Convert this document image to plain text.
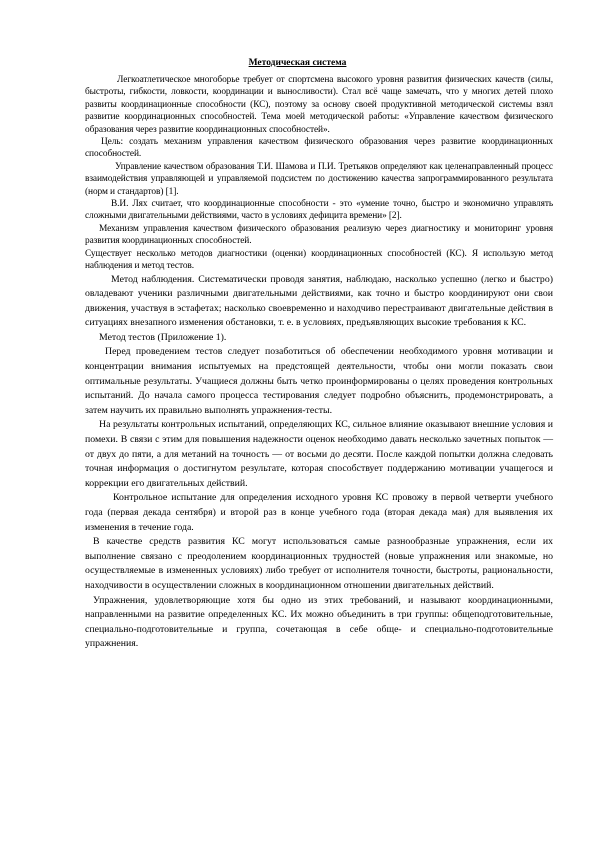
Методическая система

Легкоатлетическое многоборье требует от спортсмена высокого уровня развития физических качеств (силы, быстроты, гибкости, ловкости, координации и выносливости). Стал всё чаще замечать, что у многих детей плохо развиты координационные способности (КС), поэтому за основу своей продуктивной методической системы взял развитие координационных способностей. Тема моей методической работы: «Управление качеством физического образования через развитие координационных способностей».

Цель: создать механизм управления качеством физического образования через развитие координационных способностей.

Управление качеством образования Т.И. Шамова и П.И. Третьяков определяют как целенаправленный процесс взаимодействия управляющей и управляемой подсистем по достижению качества запрограммированного результата (норм и стандартов) [1].

В.И. Лях считает, что координационные способности - это «умение точно, быстро и экономично управлять сложными двигательными действиями, часто в условиях дефицита времени» [2].

Механизм управления качеством физического образования реализую через диагностику и мониторинг уровня развития координационных способностей.

Существует несколько методов диагностики (оценки) координационных способностей (КС). Я использую метод наблюдения и метод тестов.

Метод наблюдения. Систематически проводя занятия, наблюдаю, насколько успешно (легко и быстро) овладевают ученики различными двигательными действиями, как точно и быстро координируют они свои движения, участвуя в эстафетах; насколько своевременно и находчиво перестраивают двигательные действия в ситуациях внезапного изменения обстановки, т. е. в условиях, предъявляющих высокие требования к КС.

Метод тестов (Приложение 1).

Перед проведением тестов следует позаботиться об обеспечении необходимого уровня мотивации и концентрации внимания испытуемых на предстоящей деятельности, чтобы они могли показать свои оптимальные результаты. Учащиеся должны быть четко проинформированы о целях проведения контрольных испытаний. До начала самого процесса тестирования следует подробно объяснить, продемонстрировать, а затем научить их правильно выполнять упражнения-тесты.

На результаты контрольных испытаний, определяющих КС, сильное влияние оказывают внешние условия и помехи. В связи с этим для повышения надежности оценок необходимо давать несколько зачетных попыток — от двух до пяти, а для метаний на точность — от восьми до десяти. После каждой попытки должна следовать точная информация о достигнутом результате, которая способствует поддержанию мотивации учащегося и коррекции его двигательных действий.

Контрольное испытание для определения исходного уровня КС провожу в первой четверти учебного года (первая декада сентября) и второй раз в конце учебного года (вторая декада мая) для выявления их изменения в течение года.

В качестве средств развития КС могут использоваться самые разнообразные упражнения, если их выполнение связано с преодолением координационных трудностей (новые упражнения или знакомые, но осуществляемые в измененных условиях) либо требует от исполнителя точности, быстроты, рациональности, находчивости в осуществлении сложных в координационном отношении двигательных действий.

Упражнения, удовлетворяющие хотя бы одно из этих требований, и называют координационными, направленными на развитие определенных КС. Их можно объединить в три группы: общеподготовительные, специально-подготовительные и группа, сочетающая в себе обще- и специально-подготовительные упражнения.
